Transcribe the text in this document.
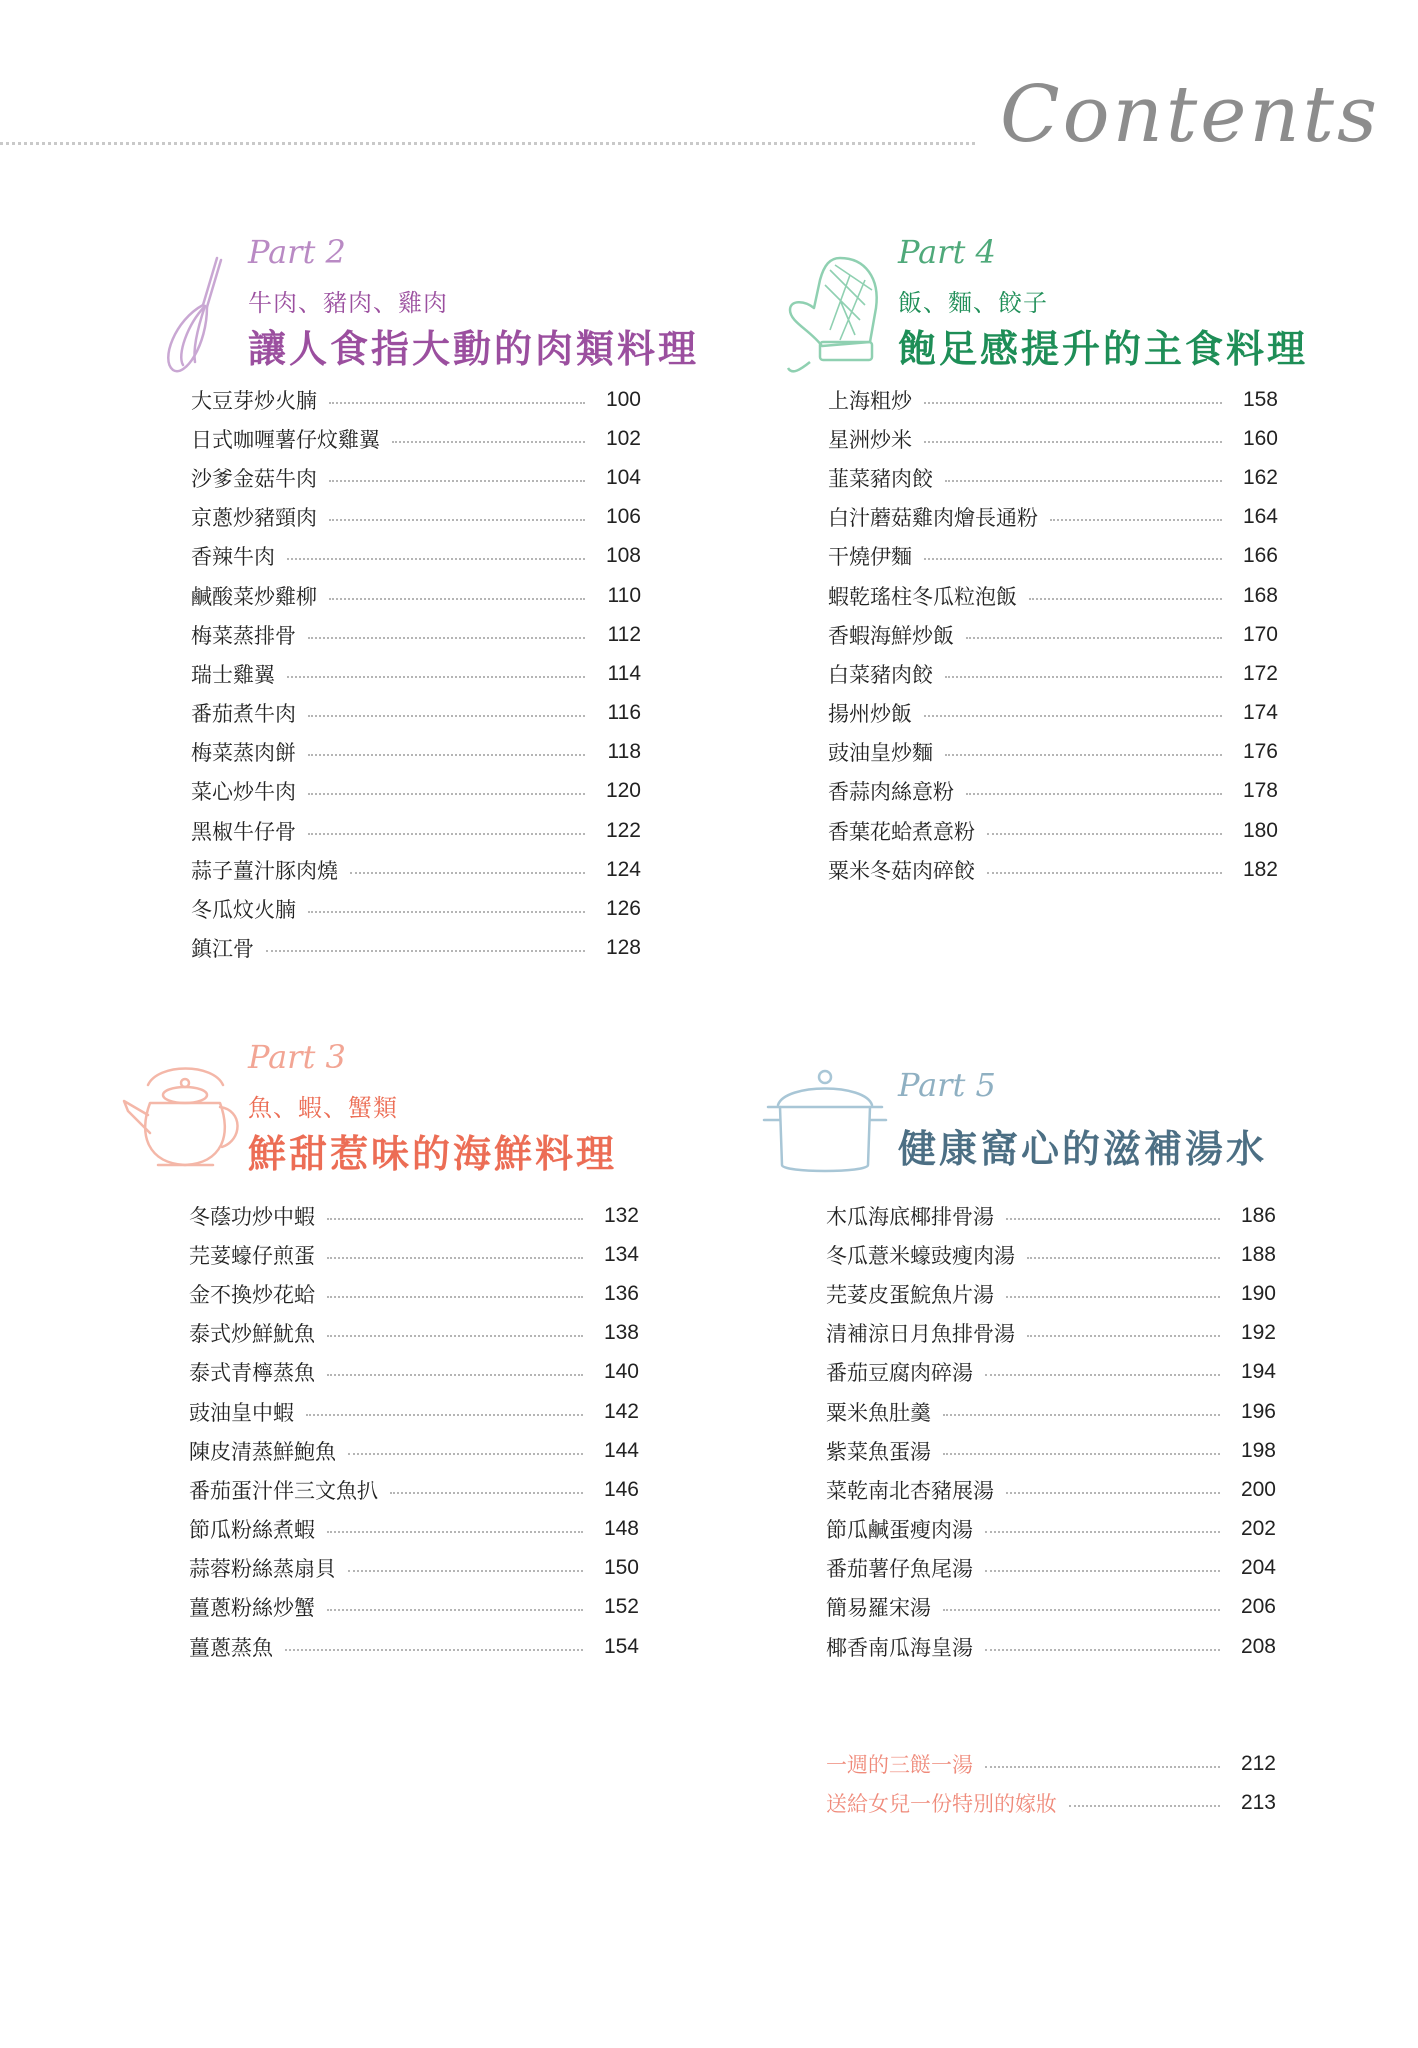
Contents
Part 2
牛肉、豬肉、雞肉
讓人食指大動的肉類料理
大豆芽炒火腩	100
日式咖喱薯仔炆雞翼	102
沙爹金菇牛肉	104
京蔥炒豬頸肉	106
香辣牛肉	108
鹹酸菜炒雞柳	110
梅菜蒸排骨	112
瑞士雞翼	114
番茄煮牛肉	116
梅菜蒸肉餅	118
菜心炒牛肉	120
黑椒牛仔骨	122
蒜子薑汁豚肉燒	124
冬瓜炆火腩	126
鎮江骨	128
Part 4
飯、麵、餃子
飽足感提升的主食料理
上海粗炒	158
星洲炒米	160
韮菜豬肉餃	162
白汁蘑菇雞肉燴長通粉	164
干燒伊麵	166
蝦乾瑤柱冬瓜粒泡飯	168
香蝦海鮮炒飯	170
白菜豬肉餃	172
揚州炒飯	174
豉油皇炒麵	176
香蒜肉絲意粉	178
香葉花蛤煮意粉	180
粟米冬菇肉碎餃	182
Part 3
魚、蝦、蟹類
鮮甜惹味的海鮮料理
冬蔭功炒中蝦	132
芫荽蠔仔煎蛋	134
金不換炒花蛤	136
泰式炒鮮魷魚	138
泰式青檸蒸魚	140
豉油皇中蝦	142
陳皮清蒸鮮鮑魚	144
番茄蛋汁伴三文魚扒	146
節瓜粉絲煮蝦	148
蒜蓉粉絲蒸扇貝	150
薑蔥粉絲炒蟹	152
薑蔥蒸魚	154
Part 5
健康窩心的滋補湯水
木瓜海底椰排骨湯	186
冬瓜薏米蠔豉瘦肉湯	188
芫荽皮蛋鯇魚片湯	190
清補涼日月魚排骨湯	192
番茄豆腐肉碎湯	194
粟米魚肚羹	196
紫菜魚蛋湯	198
菜乾南北杏豬展湯	200
節瓜鹹蛋瘦肉湯	202
番茄薯仔魚尾湯	204
簡易羅宋湯	206
椰香南瓜海皇湯	208
一週的三餸一湯	212
送給女兒一份特別的嫁妝	213
